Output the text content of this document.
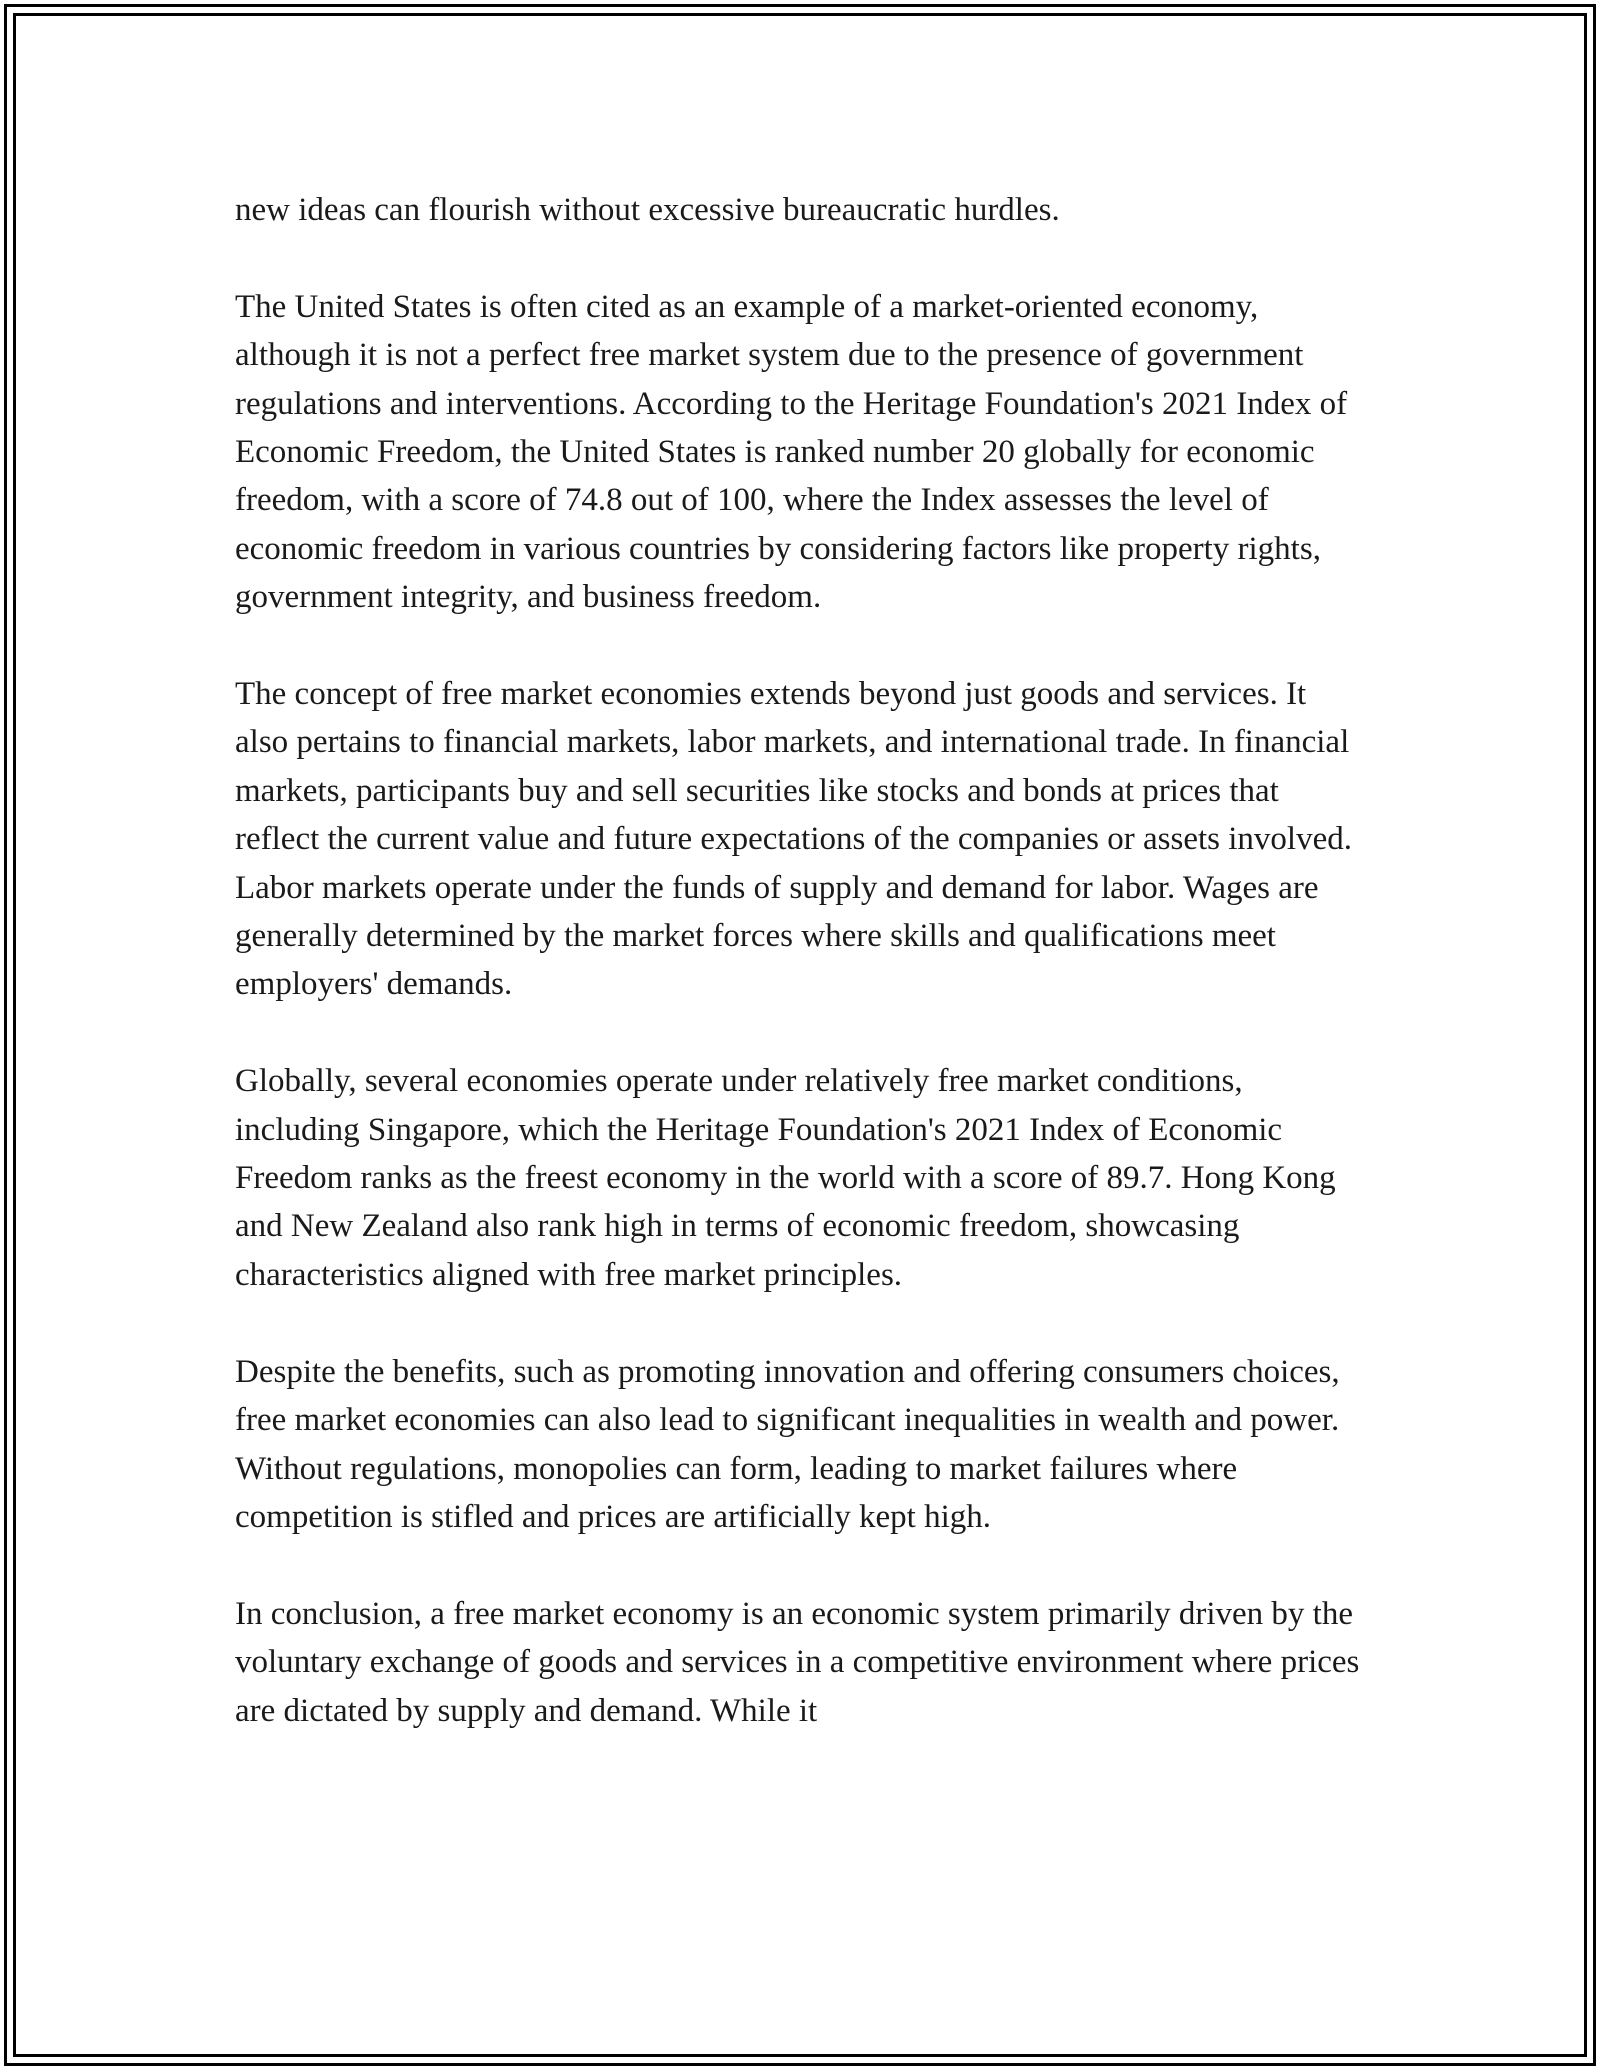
new ideas can flourish without excessive bureaucratic hurdles.

The United States is often cited as an example of a market-oriented economy, although it is not a perfect free market system due to the presence of government regulations and interventions. According to the Heritage Foundation's 2021 Index of Economic Freedom, the United States is ranked number 20 globally for economic freedom, with a score of 74.8 out of 100, where the Index assesses the level of economic freedom in various countries by considering factors like property rights, government integrity, and business freedom.

The concept of free market economies extends beyond just goods and services. It also pertains to financial markets, labor markets, and international trade. In financial markets, participants buy and sell securities like stocks and bonds at prices that reflect the current value and future expectations of the companies or assets involved. Labor markets operate under the funds of supply and demand for labor. Wages are generally determined by the market forces where skills and qualifications meet employers' demands.

Globally, several economies operate under relatively free market conditions, including Singapore, which the Heritage Foundation's 2021 Index of Economic Freedom ranks as the freest economy in the world with a score of 89.7. Hong Kong and New Zealand also rank high in terms of economic freedom, showcasing characteristics aligned with free market principles.

Despite the benefits, such as promoting innovation and offering consumers choices, free market economies can also lead to significant inequalities in wealth and power. Without regulations, monopolies can form, leading to market failures where competition is stifled and prices are artificially kept high.

In conclusion, a free market economy is an economic system primarily driven by the voluntary exchange of goods and services in a competitive environment where prices are dictated by supply and demand. While it
